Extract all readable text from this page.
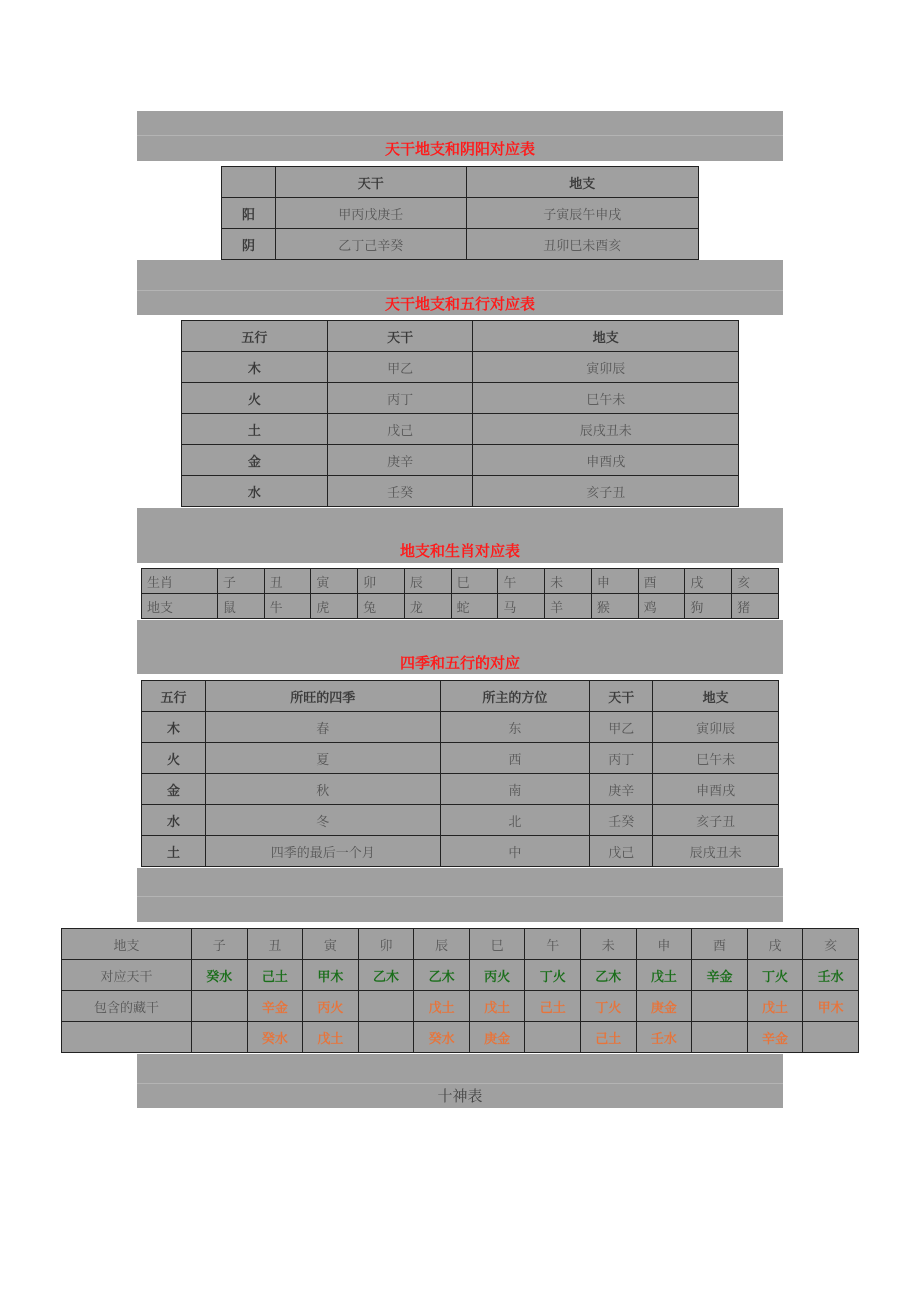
天干地支和阴阳对应表
	天干	地支
阳	甲丙戊庚壬	子寅辰午申戌
阴	乙丁己辛癸	丑卯巳未酉亥
天干地支和五行对应表
五行	天干	地支
木	甲乙	寅卯辰
火	丙丁	巳午未
土	戊己	辰戌丑未
金	庚辛	申酉戌
水	壬癸	亥子丑
地支和生肖对应表
生肖	子	丑	寅	卯	辰	巳	午	未	申	酉	戌	亥
地支	鼠	牛	虎	兔	龙	蛇	马	羊	猴	鸡	狗	猪
四季和五行的对应
五行	所旺的四季	所主的方位	天干	地支
木	春	东	甲乙	寅卯辰
火	夏	西	丙丁	巳午未
金	秋	南	庚辛	申酉戌
水	冬	北	壬癸	亥子丑
土	四季的最后一个月	中	戊己	辰戌丑未
地支	子	丑	寅	卯	辰	巳	午	未	申	酉	戌	亥
对应天干	癸水	己土	甲木	乙木	乙木	丙火	丁火	乙木	戊土	辛金	丁火	壬水
包含的藏干		辛金	丙火		戊土	戊土	己土	丁火	庚金		戊土	甲木
		癸水	戊土		癸水	庚金		己土	壬水		辛金	
十神表
